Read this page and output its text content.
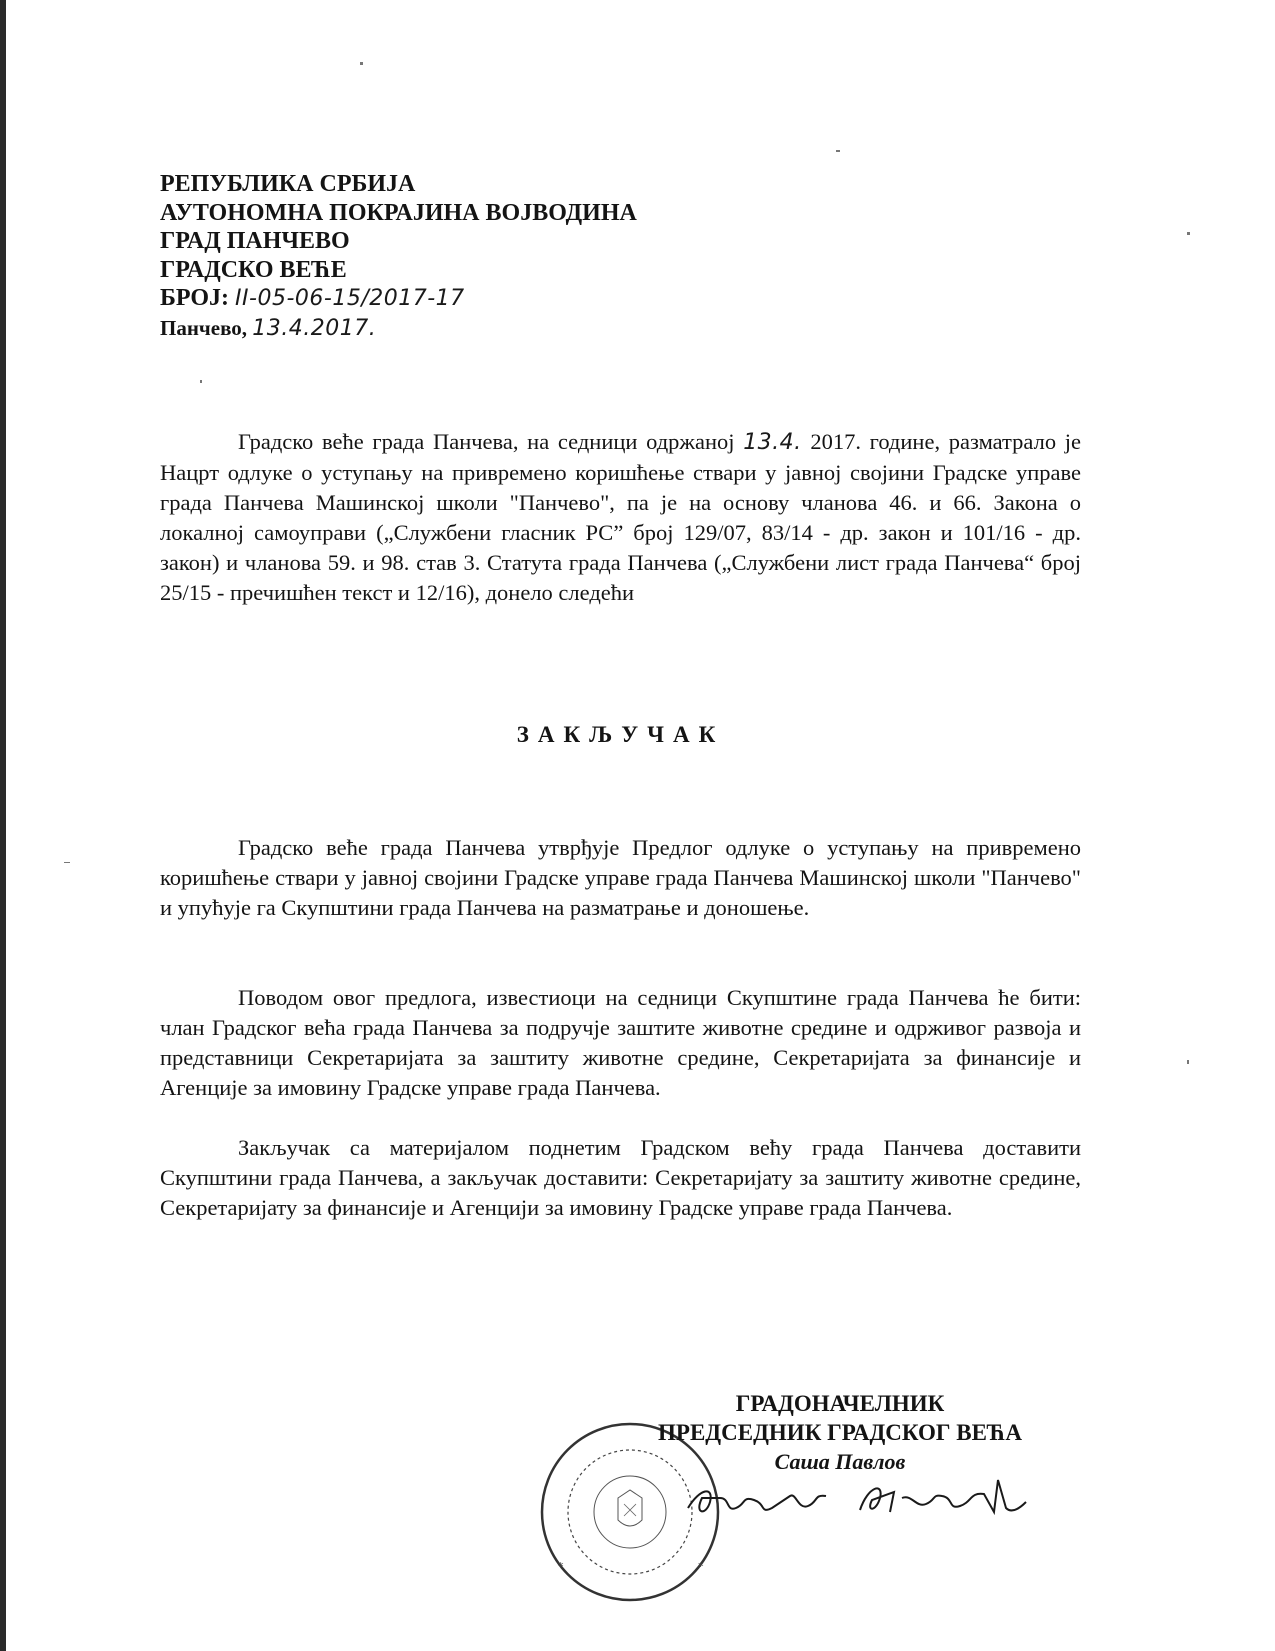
РЕПУБЛИКА СРБИЈА
АУТОНОМНА ПОКРАЈИНА ВОЈВОДИНА
ГРАД ПАНЧЕВО
ГРАДСКО ВЕЋЕ
БРОЈ: II-05-06-15/2017-17
Панчево, 13.4.2017.

Градско веће града Панчева, на седници одржаној 13.4. 2017. године, разматрало је Нацрт одлуке о уступању на привремено коришћење ствари у јавној својини Градске управе града Панчева Машинској школи "Панчево", па је на основу чланова 46. и 66. Закона о локалној самоуправи („Службени гласник РС” број 129/07, 83/14 - др. закон и 101/16 - др. закон) и чланова 59. и 98. став 3. Статута града Панчева („Службени лист града Панчева“ број 25/15 - пречишћен текст и 12/16), донело следећи

ЗАКЉУЧАК

Градско веће града Панчева утврђује Предлог одлуке о уступању на привремено коришћење ствари у јавној својини Градске управе града Панчева Машинској школи "Панчево" и упућује га Скупштини града Панчева на разматрање и доношење.

Поводом овог предлога, известиоци на седници Скупштине града Панчева ће бити: члан Градског већа града Панчева за подручје заштите животне средине и одрживог развоја и представници Секретаријата за заштиту животне средине, Секретаријата за финансије и Агенције за имовину Градске управе града Панчева.

Закључак са материјалом поднетим Градском већу града Панчева доставити Скупштини града Панчева, а закључак доставити: Секретаријату за заштиту животне средине, Секретаријату за финансије и Агенцији за имовину Градске управе града Панчева.

*	*
ГРАДОНАЧЕЛНИК
ПРЕДСЕДНИК ГРАДСКОГ ВЕЋА
Саша Павлов
